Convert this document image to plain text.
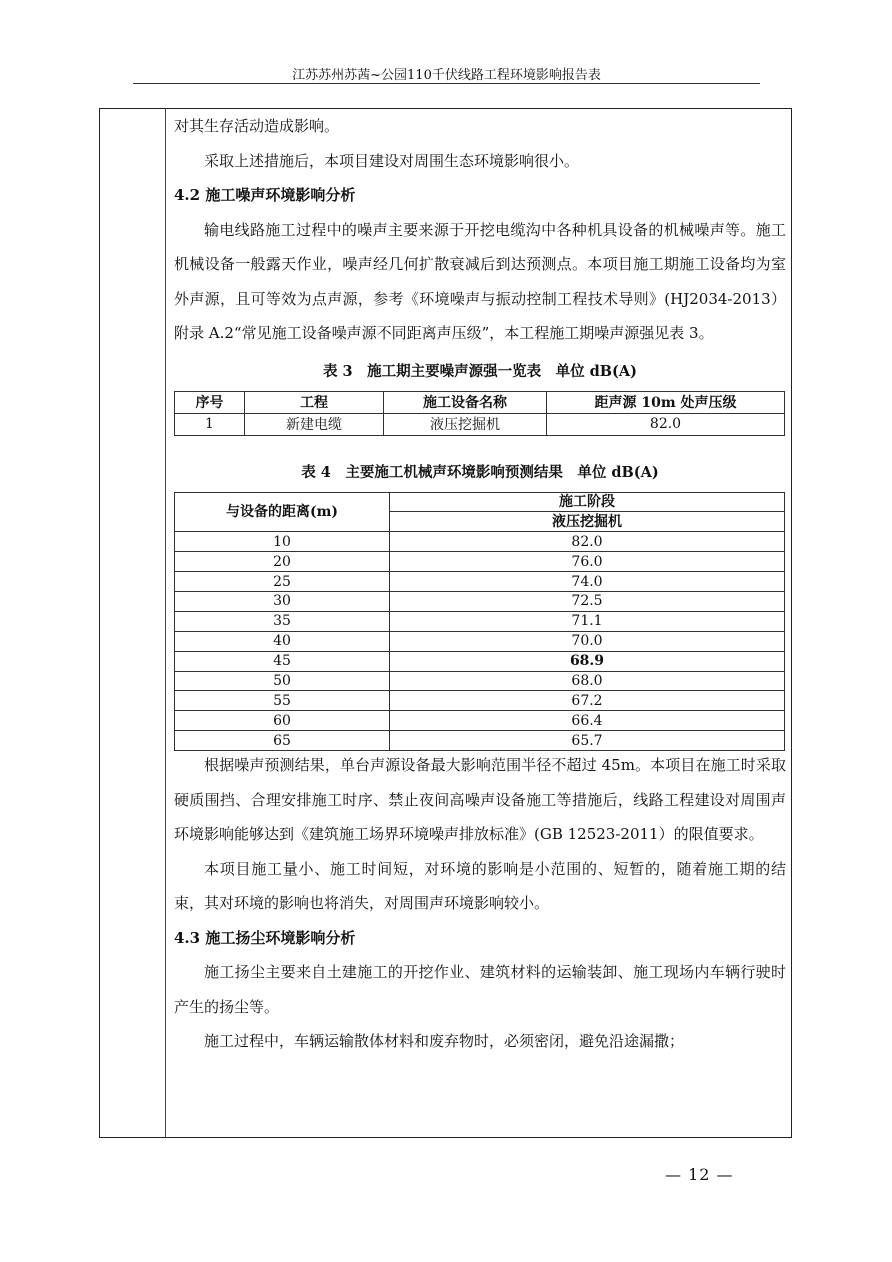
江苏苏州苏茜~公园110千伏线路工程环境影响报告表

对其生存活动造成影响。

采取上述措施后，本项目建设对周围生态环境影响很小。

4.2 施工噪声环境影响分析

输电线路施工过程中的噪声主要来源于开挖电缆沟中各种机具设备的机械噪声等。施工机械设备一般露天作业，噪声经几何扩散衰减后到达预测点。本项目施工期施工设备均为室外声源，且可等效为点声源，参考《环境噪声与振动控制工程技术导则》(HJ2034-2013）附录 A.2“常见施工设备噪声源不同距离声压级”，本工程施工期噪声源强见表 3。

表 3　施工期主要噪声源强一览表　单位 dB(A)

序号	工程	施工设备名称	距声源 10m 处声压级
1	新建电缆	液压挖掘机	82.0

表 4　主要施工机械声环境影响预测结果　单位 dB(A)

与设备的距离(m)	施工阶段
	液压挖掘机
10	82.0
20	76.0
25	74.0
30	72.5
35	71.1
40	70.0
45	68.9
50	68.0
55	67.2
60	66.4
65	65.7

根据噪声预测结果，单台声源设备最大影响范围半径不超过 45m。本项目在施工时采取硬质围挡、合理安排施工时序、禁止夜间高噪声设备施工等措施后，线路工程建设对周围声环境影响能够达到《建筑施工场界环境噪声排放标准》(GB 12523-2011）的限值要求。

本项目施工量小、施工时间短，对环境的影响是小范围的、短暂的，随着施工期的结束，其对环境的影响也将消失，对周围声环境影响较小。

4.3 施工扬尘环境影响分析

施工扬尘主要来自土建施工的开挖作业、建筑材料的运输装卸、施工现场内车辆行驶时产生的扬尘等。

施工过程中，车辆运输散体材料和废弃物时，必须密闭，避免沿途漏撒；

— 12 —
